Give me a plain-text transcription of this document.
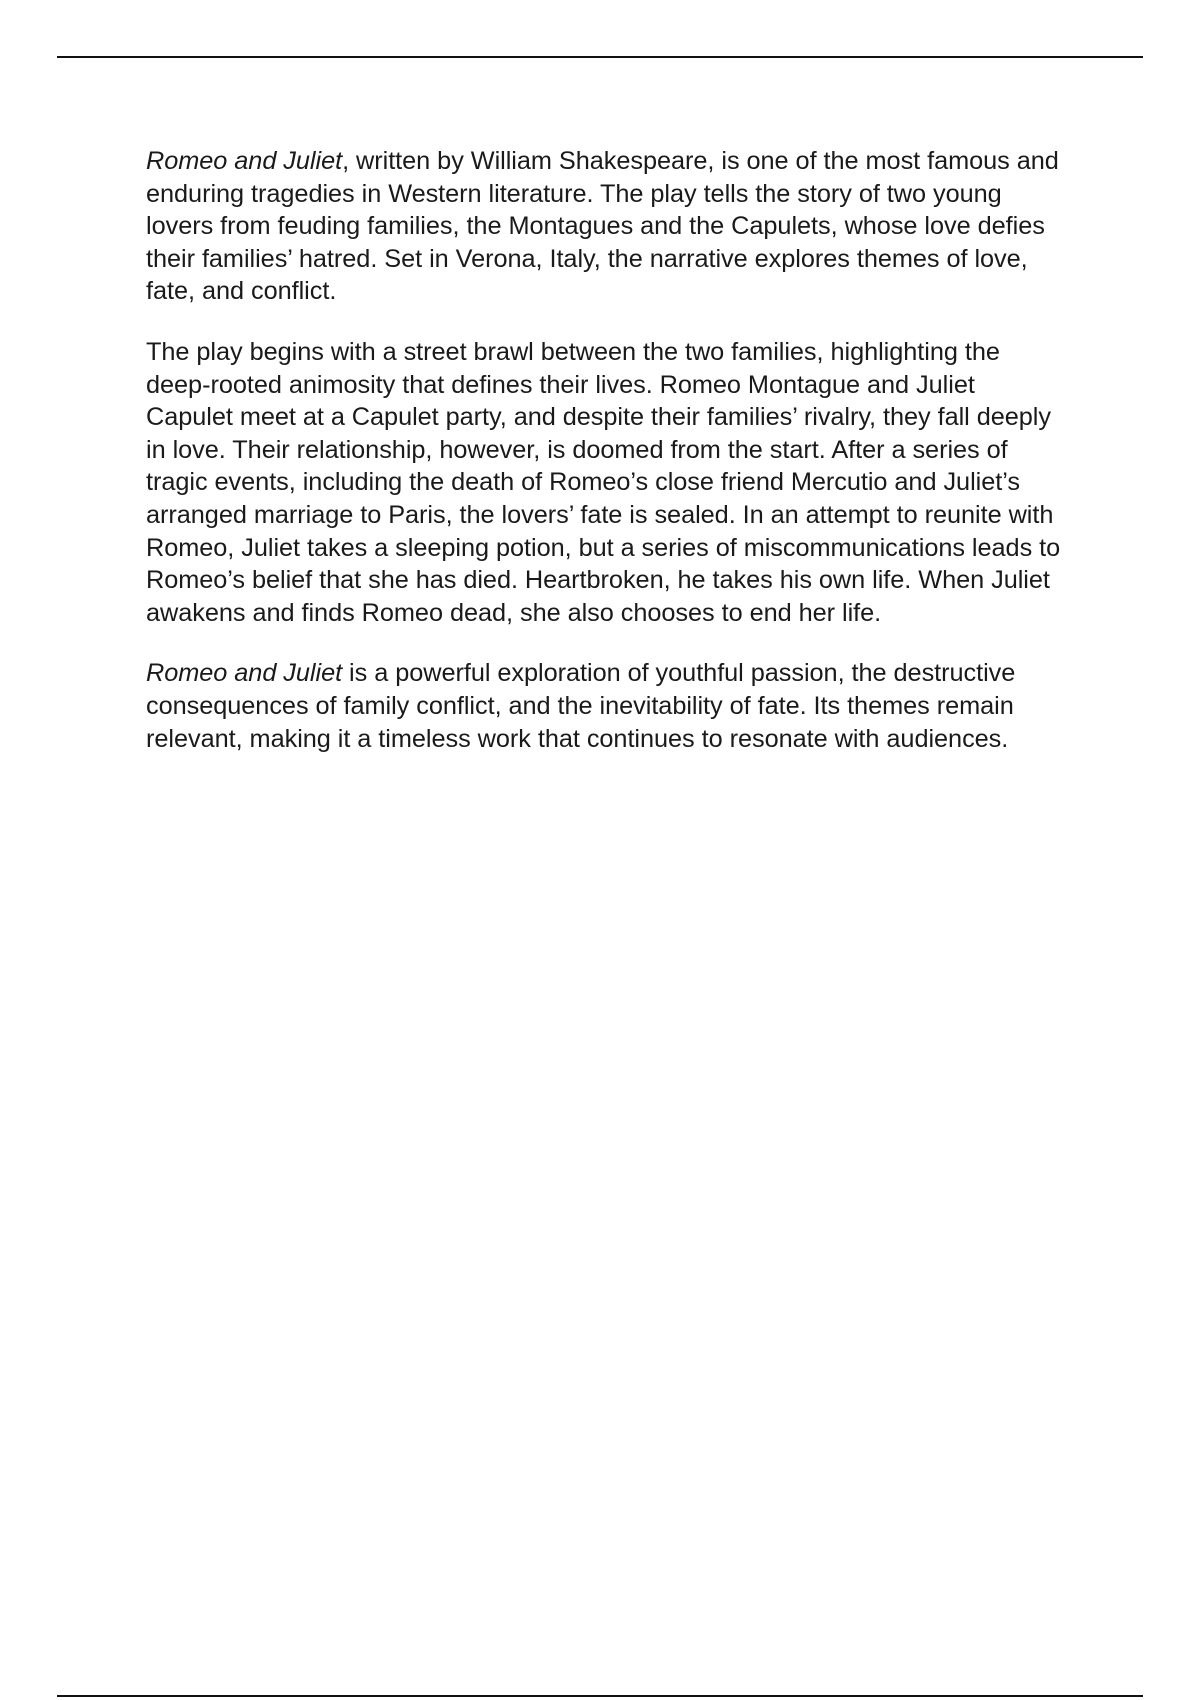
Romeo and Juliet, written by William Shakespeare, is one of the most famous and enduring tragedies in Western literature. The play tells the story of two young lovers from feuding families, the Montagues and the Capulets, whose love defies their families’ hatred. Set in Verona, Italy, the narrative explores themes of love, fate, and conflict.

The play begins with a street brawl between the two families, highlighting the deep-rooted animosity that defines their lives. Romeo Montague and Juliet Capulet meet at a Capulet party, and despite their families’ rivalry, they fall deeply in love. Their relationship, however, is doomed from the start. After a series of tragic events, including the death of Romeo’s close friend Mercutio and Juliet’s arranged marriage to Paris, the lovers’ fate is sealed. In an attempt to reunite with Romeo, Juliet takes a sleeping potion, but a series of miscommunications leads to Romeo’s belief that she has died. Heartbroken, he takes his own life. When Juliet awakens and finds Romeo dead, she also chooses to end her life.

Romeo and Juliet is a powerful exploration of youthful passion, the destructive consequences of family conflict, and the inevitability of fate. Its themes remain relevant, making it a timeless work that continues to resonate with audiences.
